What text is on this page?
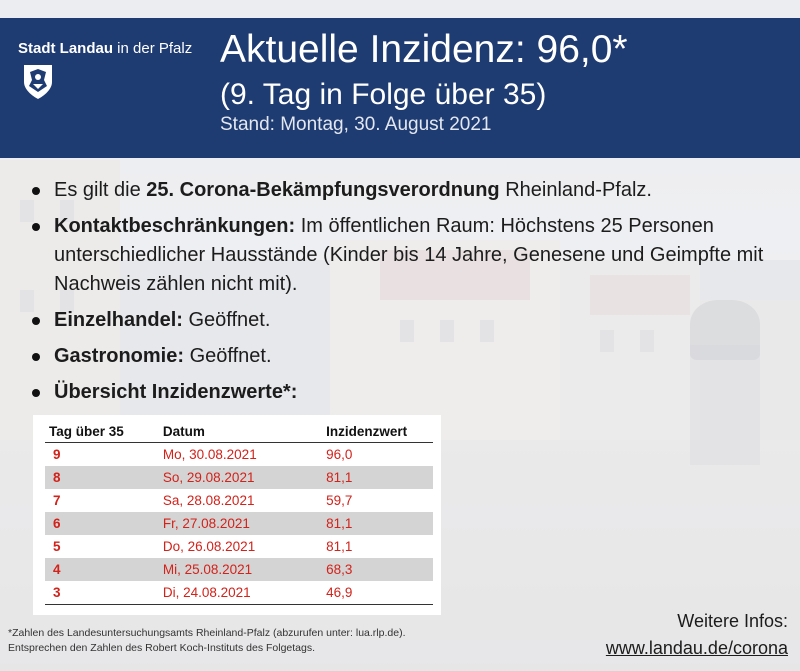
Stadt Landau in der Pfalz Aktuelle Inzidenz: 96,0*
(9. Tag in Folge über 35)
Stand: Montag, 30. August 2021
Es gilt die 25. Corona-Bekämpfungsverordnung Rheinland-Pfalz.
Kontaktbeschränkungen: Im öffentlichen Raum: Höchstens 25 Personen unterschiedlicher Hausstände (Kinder bis 14 Jahre, Genesene und Geimpfte mit Nachweis zählen nicht mit).
Einzelhandel: Geöffnet.
Gastronomie: Geöffnet.
Übersicht Inzidenzwerte*:
Tag über 35	Datum	Inzidenzwert
9	Mo, 30.08.2021	96,0
8	So, 29.08.2021	81,1
7	Sa, 28.08.2021	59,7
6	Fr, 27.08.2021	81,1
5	Do, 26.08.2021	81,1
4	Mi, 25.08.2021	68,3
3	Di, 24.08.2021	46,9
*Zahlen des Landesuntersuchungsamts Rheinland-Pfalz (abzurufen unter: lua.rlp.de).
Entsprechen den Zahlen des Robert Koch-Instituts des Folgetags.
Weitere Infos:
www.landau.de/corona
